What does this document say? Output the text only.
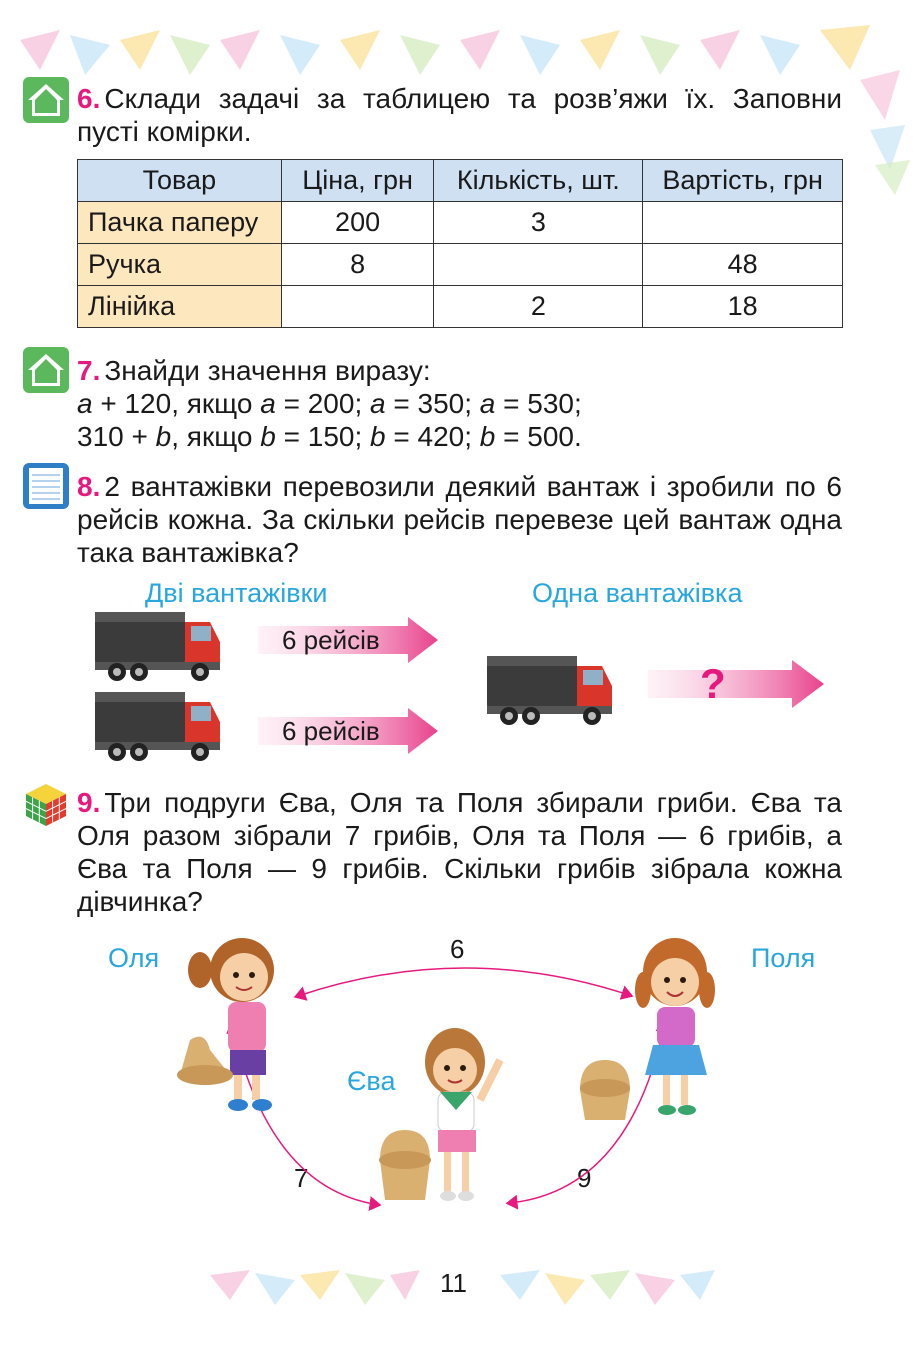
6. Склади задачі за таблицею та розв’яжи їх. Заповни пусті комірки.
Товар	Ціна, грн	Кількість, шт.	Вартість, грн
Пачка паперу	200	3	
Ручка	8		48
Лінійка		2	18
7. Знайди значення виразу:
a + 120, якщо a = 200; a = 350; a = 530;
310 + b, якщо b = 150; b = 420; b = 500.
8. 2 вантажівки перевозили деякий вантаж і зробили по 6 рейсів кожна. За скільки рейсів перевезе цей вантаж одна така вантажівка?
Дві вантажівки	Одна вантажівка
6 рейсів
6 рейсів
?
9. Три подруги Єва, Оля та Поля збирали гриби. Єва та Оля разом зібрали 7 грибів, Оля та Поля — 6 грибів, а Єва та Поля — 9 грибів. Скільки грибів зібрала кожна дівчинка?
Оля	Поля
Єва
6
7	9
11
